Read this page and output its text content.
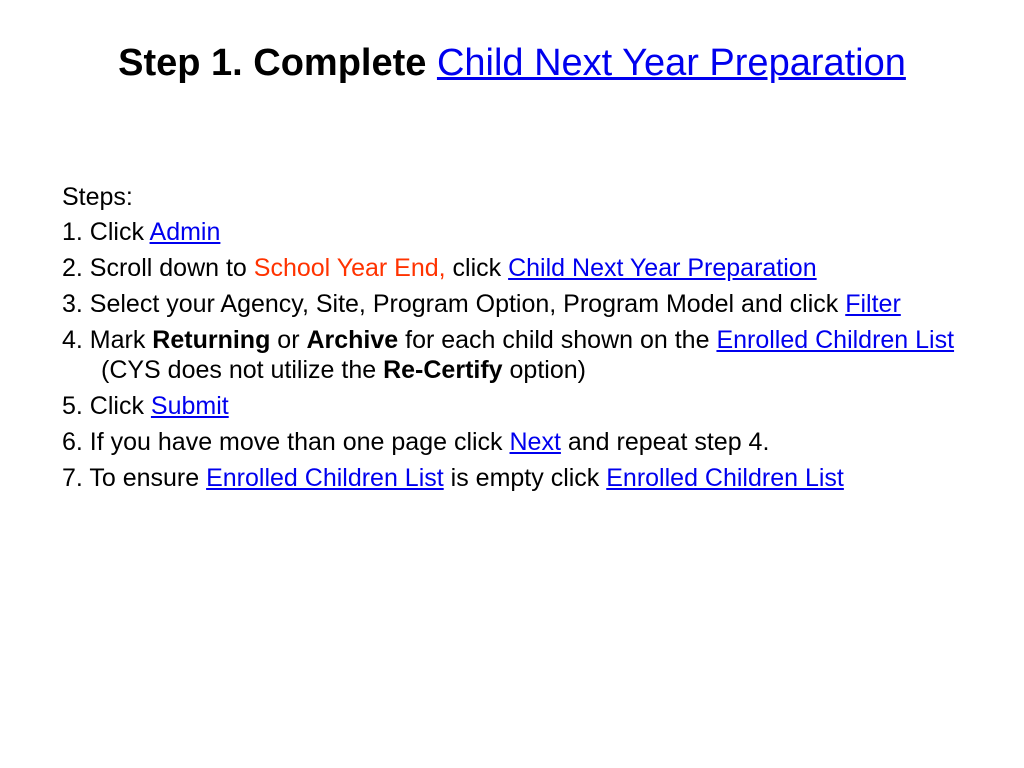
Step 1. Complete Child Next Year Preparation
Steps:
1. Click Admin
2. Scroll down to School Year End, click Child Next Year Preparation
3. Select your Agency, Site, Program Option, Program Model and click Filter
4. Mark Returning or Archive for each child shown on the Enrolled Children List (CYS does not utilize the Re-Certify option)
5. Click Submit
6. If you have move than one page click Next and repeat step 4.
7. To ensure Enrolled Children List is empty click Enrolled Children List
